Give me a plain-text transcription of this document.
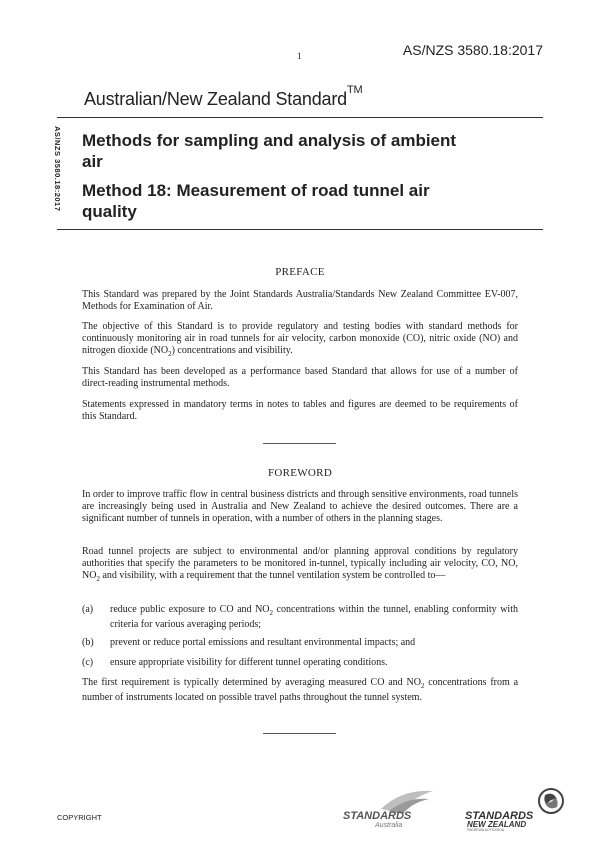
1	AS/NZS 3580.18:2017
Australian/New Zealand Standard™
AS/NZS 3580.18:2017 Methods for sampling and analysis of ambient
air
Method 18: Measurement of road tunnel air
quality
PREFACE
This Standard was prepared by the Joint Standards Australia/Standards New Zealand Committee EV-007, Methods for Examination of Air.
The objective of this Standard is to provide regulatory and testing bodies with standard methods for continuously monitoring air in road tunnels for air velocity, carbon monoxide (CO), nitric oxide (NO) and nitrogen dioxide $(NO_2)$ concentrations and visibility.
This Standard has been developed as a performance based Standard that allows for use of a number of direct-reading instrumental methods.
Statements expressed in mandatory terms in notes to tables and figures are deemed to be requirements of this Standard.
FOREWORD
In order to improve traffic flow in central business districts and through sensitive environments, road tunnels are increasingly being used in Australia and New Zealand to achieve the desired outcomes. There are a significant number of tunnels in operation, with a number of others in the planning stages.
Road tunnel projects are subject to environmental and/or planning approval conditions by regulatory authorities that specify the parameters to be monitored in-tunnel, typically including air velocity, CO, NO, $NO_2$ and visibility, with a requirement that the tunnel ventilation system be controlled to—
(a) reduce public exposure to CO and $NO_2$ concentrations within the tunnel, enabling conformity with criteria for various averaging periods;
(b) prevent or reduce portal emissions and resultant environmental impacts; and
(c) ensure appropriate visibility for different tunnel operating conditions.
The first requirement is typically determined by averaging measured CO and $NO_2$ concentrations from a number of instruments located on possible travel paths throughout the tunnel system.
COPYRIGHT	STANDARDS
Australia
STANDARDS
NEW ZEALAND
PAEREWA AOTEAROA
